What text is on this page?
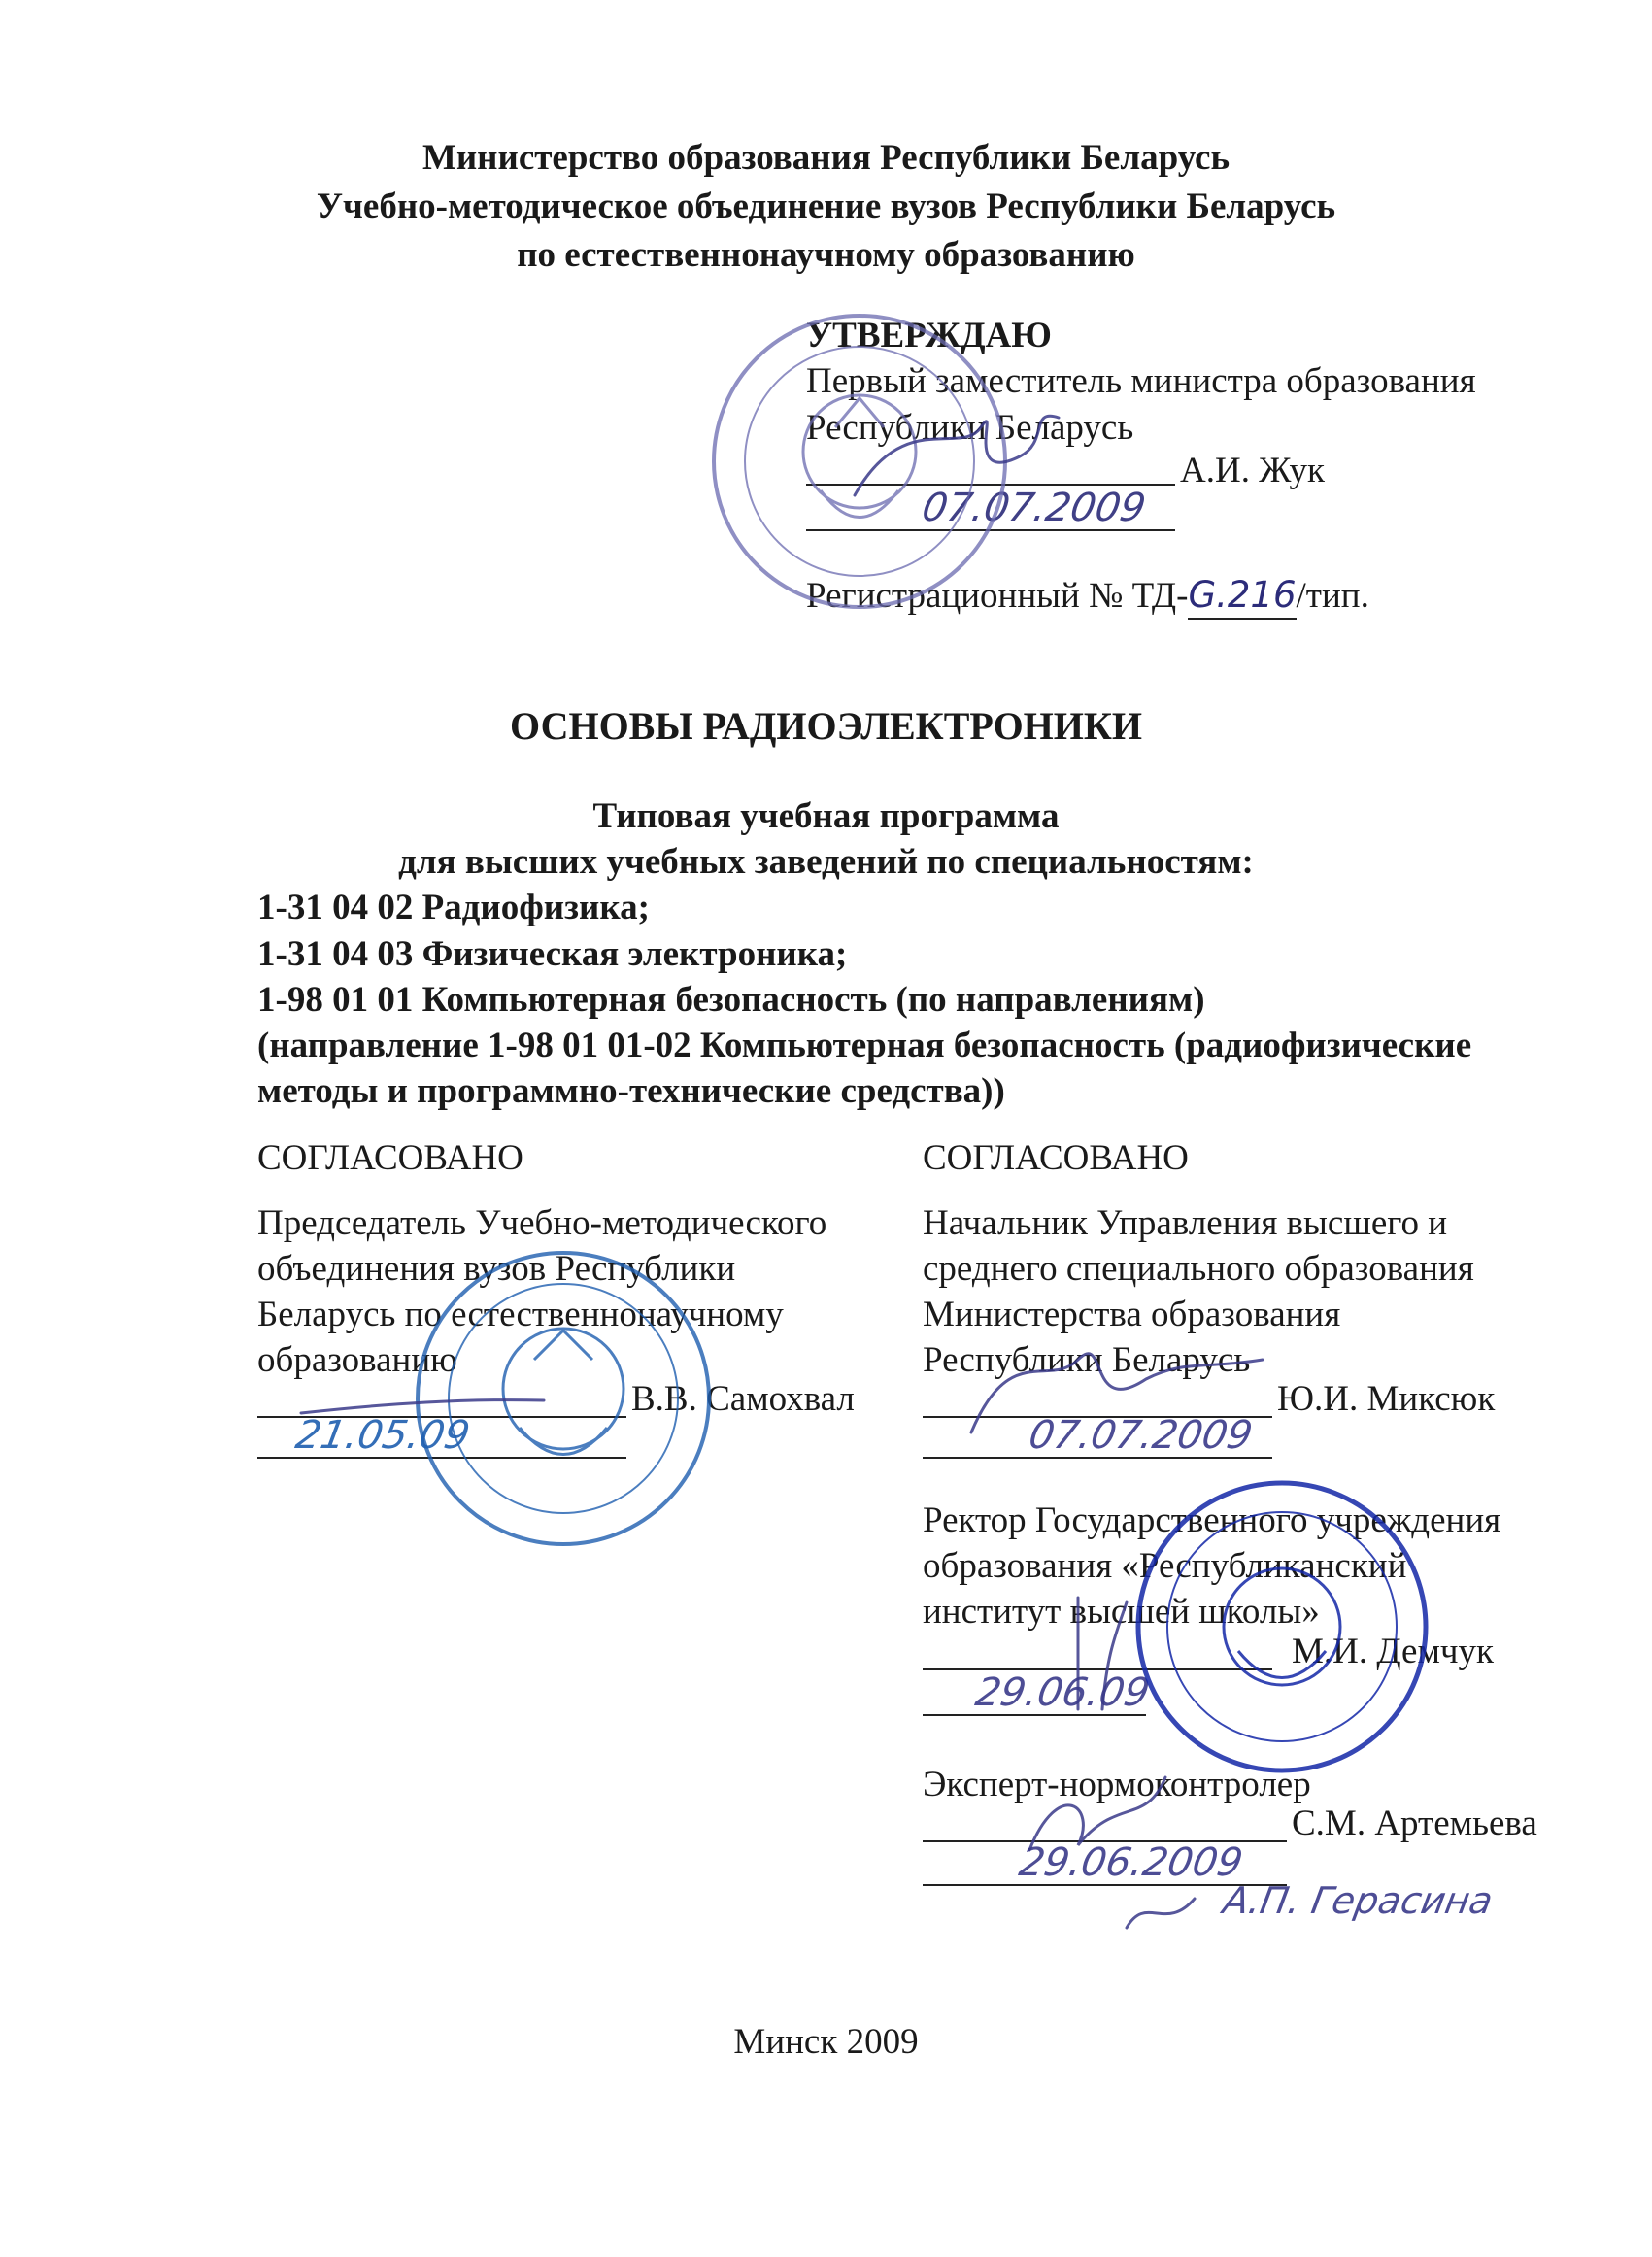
Министерство образования Республики Беларусь
Учебно-методическое объединение вузов Республики Беларусь
по естественнонаучному образованию
УТВЕРЖДАЮ
Первый заместитель министра образования
Республики Беларусь
А.И. Жук
07.07.2009
Регистрационный № ТД-G.216/тип.
ОСНОВЫ РАДИОЭЛЕКТРОНИКИ
Типовая учебная программа
для высших учебных заведений по специальностям:
1-31 04 02 Радиофизика;
1-31 04 03 Физическая электроника;
1-98 01 01 Компьютерная безопасность (по направлениям)
(направление 1-98 01 01-02 Компьютерная безопасность (радиофизические
методы и программно-технические средства))
СОГЛАСОВАНО
Председатель Учебно-методического
объединения вузов Республики
Беларусь по естественнонаучному
образованию
В.В. Самохвал
21.05.09
СОГЛАСОВАНО
Начальник Управления высшего и
среднего специального образования
Министерства образования
Республики Беларусь
Ю.И. Миксюк
07.07.2009
Ректор Государственного учреждения
образования «Республиканский
институт высшей школы»
М.И. Демчук
29.06.09
Эксперт-нормоконтролер
С.М. Артемьева
29.06.2009
А.П. Герасина
Минск 2009
